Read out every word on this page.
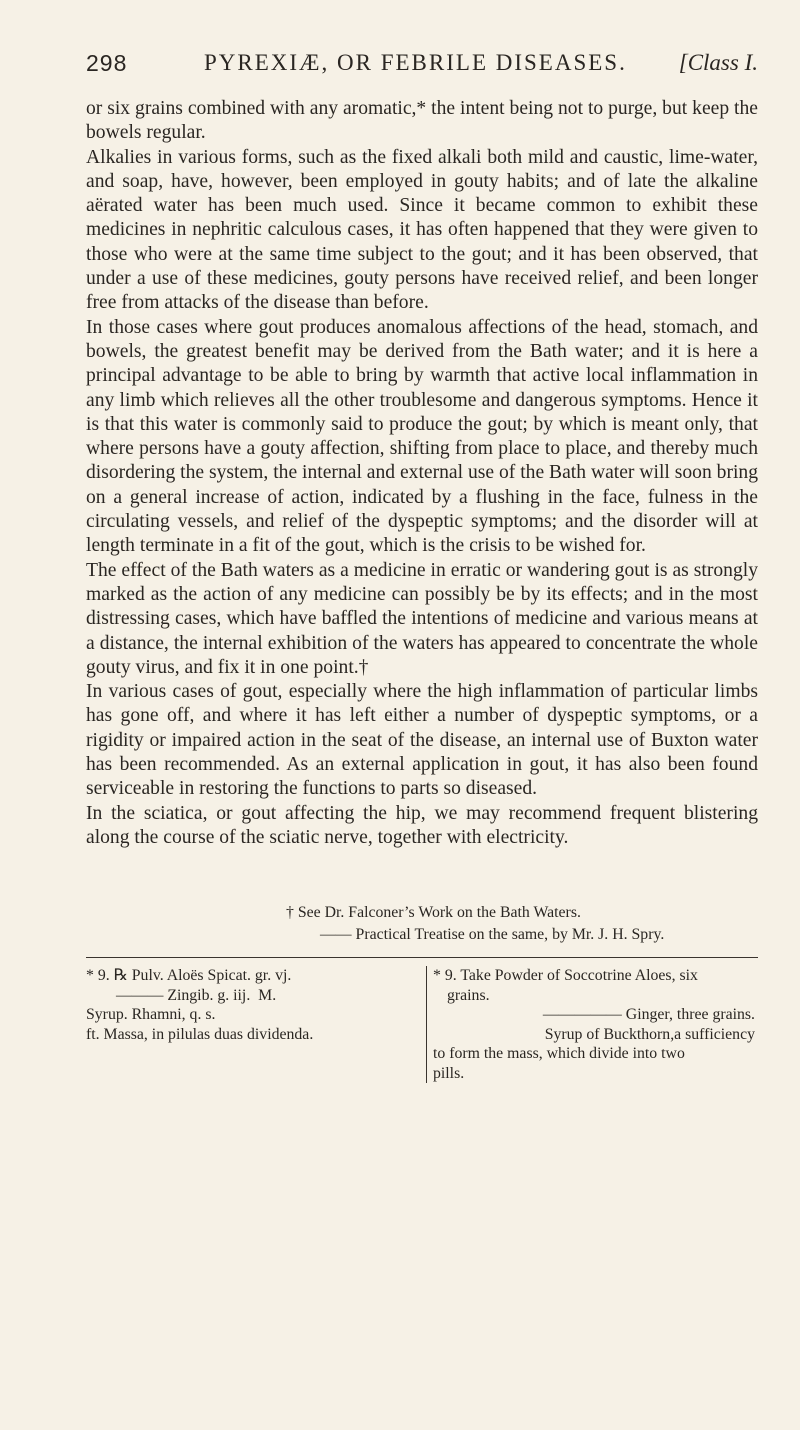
298	PYREXIÆ, OR FEBRILE DISEASES. [Class I.

or six grains combined with any aromatic,* the intent being not to purge, but keep the bowels regular.

Alkalies in various forms, such as the fixed alkali both mild and caustic, lime-water, and soap, have, however, been employed in gouty habits; and of late the alkaline aërated water has been much used. Since it became common to exhibit these medicines in nephritic calculous cases, it has often happened that they were given to those who were at the same time subject to the gout; and it has been observed, that under a use of these medicines, gouty persons have received relief, and been longer free from attacks of the disease than before.

In those cases where gout produces anomalous affections of the head, stomach, and bowels, the greatest benefit may be derived from the Bath water; and it is here a principal advantage to be able to bring by warmth that active local inflammation in any limb which relieves all the other troublesome and dangerous symptoms. Hence it is that this water is commonly said to produce the gout; by which is meant only, that where persons have a gouty affection, shifting from place to place, and thereby much disordering the system, the internal and external use of the Bath water will soon bring on a general increase of action, indicated by a flushing in the face, fulness in the circulating vessels, and relief of the dyspeptic symptoms; and the disorder will at length terminate in a fit of the gout, which is the crisis to be wished for.

The effect of the Bath waters as a medicine in erratic or wandering gout is as strongly marked as the action of any medicine can possibly be by its effects; and in the most distressing cases, which have baffled the intentions of medicine and various means at a distance, the internal exhibition of the waters has appeared to concentrate the whole gouty virus, and fix it in one point.†

In various cases of gout, especially where the high inflammation of particular limbs has gone off, and where it has left either a number of dyspeptic symptoms, or a rigidity or impaired action in the seat of the disease, an internal use of Buxton water has been recommended. As an external application in gout, it has also been found serviceable in restoring the functions to parts so diseased.

In the sciatica, or gout affecting the hip, we may recommend frequent blistering along the course of the sciatic nerve, together with electricity.

† See Dr. Falconer’s Work on the Bath Waters.
—— Practical Treatise on the same, by Mr. J. H. Spry.
* 9. ℞ Pulv. Aloës Spicat. gr. vj.
——— Zingib. g. iij.  M.
Syrup. Rhamni, q. s.
ft. Massa, in pilulas duas dividenda.
* 9. Take Powder of Soccotrine Aloes, six
grains.
————— Ginger, three grains.
Syrup of Buckthorn,a sufficiency
to form the mass, which divide into two
pills.
